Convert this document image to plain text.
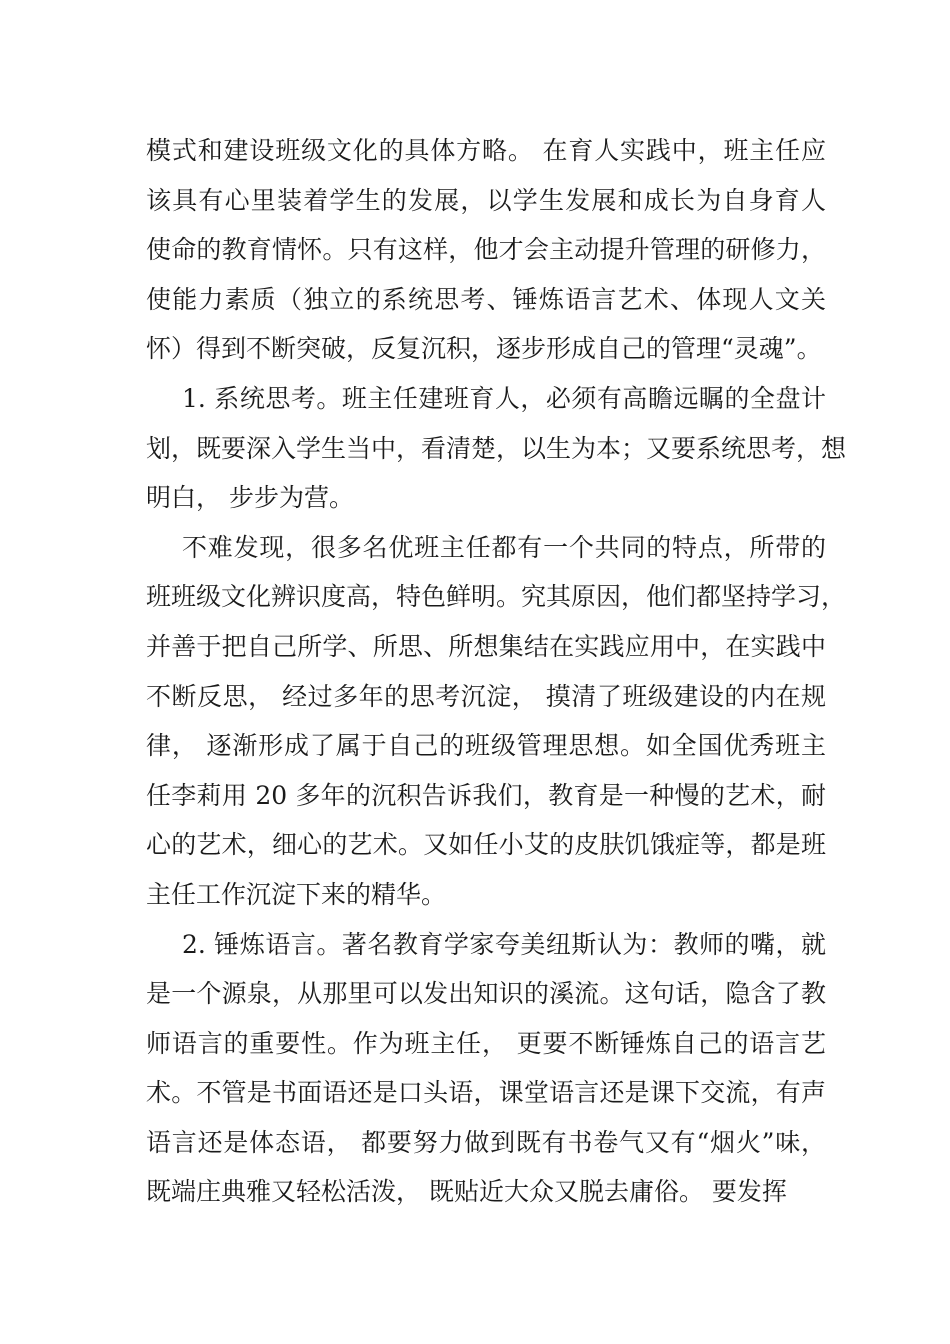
模式和建设班级文化的具体方略。 在育人实践中，班主任应
该具有心里装着学生的发展，以学生发展和成长为自身育人
使命的教育情怀。只有这样，他才会主动提升管理的研修力，
使能力素质（独立的系统思考、锤炼语言艺术、体现人文关
怀）得到不断突破，反复沉积，逐步形成自己的管理“灵魂”。
1. 系统思考。班主任建班育人，必须有高瞻远瞩的全盘计
划，既要深入学生当中，看清楚，以生为本；又要系统思考，想
明白， 步步为营。
不难发现，很多名优班主任都有一个共同的特点，所带的
班班级文化辨识度高，特色鲜明。究其原因，他们都坚持学习，
并善于把自己所学、所思、所想集结在实践应用中，在实践中
不断反思， 经过多年的思考沉淀， 摸清了班级建设的内在规
律， 逐渐形成了属于自己的班级管理思想。如全国优秀班主
任李莉用 20 多年的沉积告诉我们，教育是一种慢的艺术，耐
心的艺术，细心的艺术。又如任小艾的皮肤饥饿症等，都是班
主任工作沉淀下来的精华。
2. 锤炼语言。著名教育学家夸美纽斯认为：教师的嘴，就
是一个源泉，从那里可以发出知识的溪流。这句话，隐含了教
师语言的重要性。作为班主任， 更要不断锤炼自己的语言艺
术。不管是书面语还是口头语，课堂语言还是课下交流，有声
语言还是体态语， 都要努力做到既有书卷气又有“烟火”味，
既端庄典雅又轻松活泼， 既贴近大众又脱去庸俗。 要发挥
